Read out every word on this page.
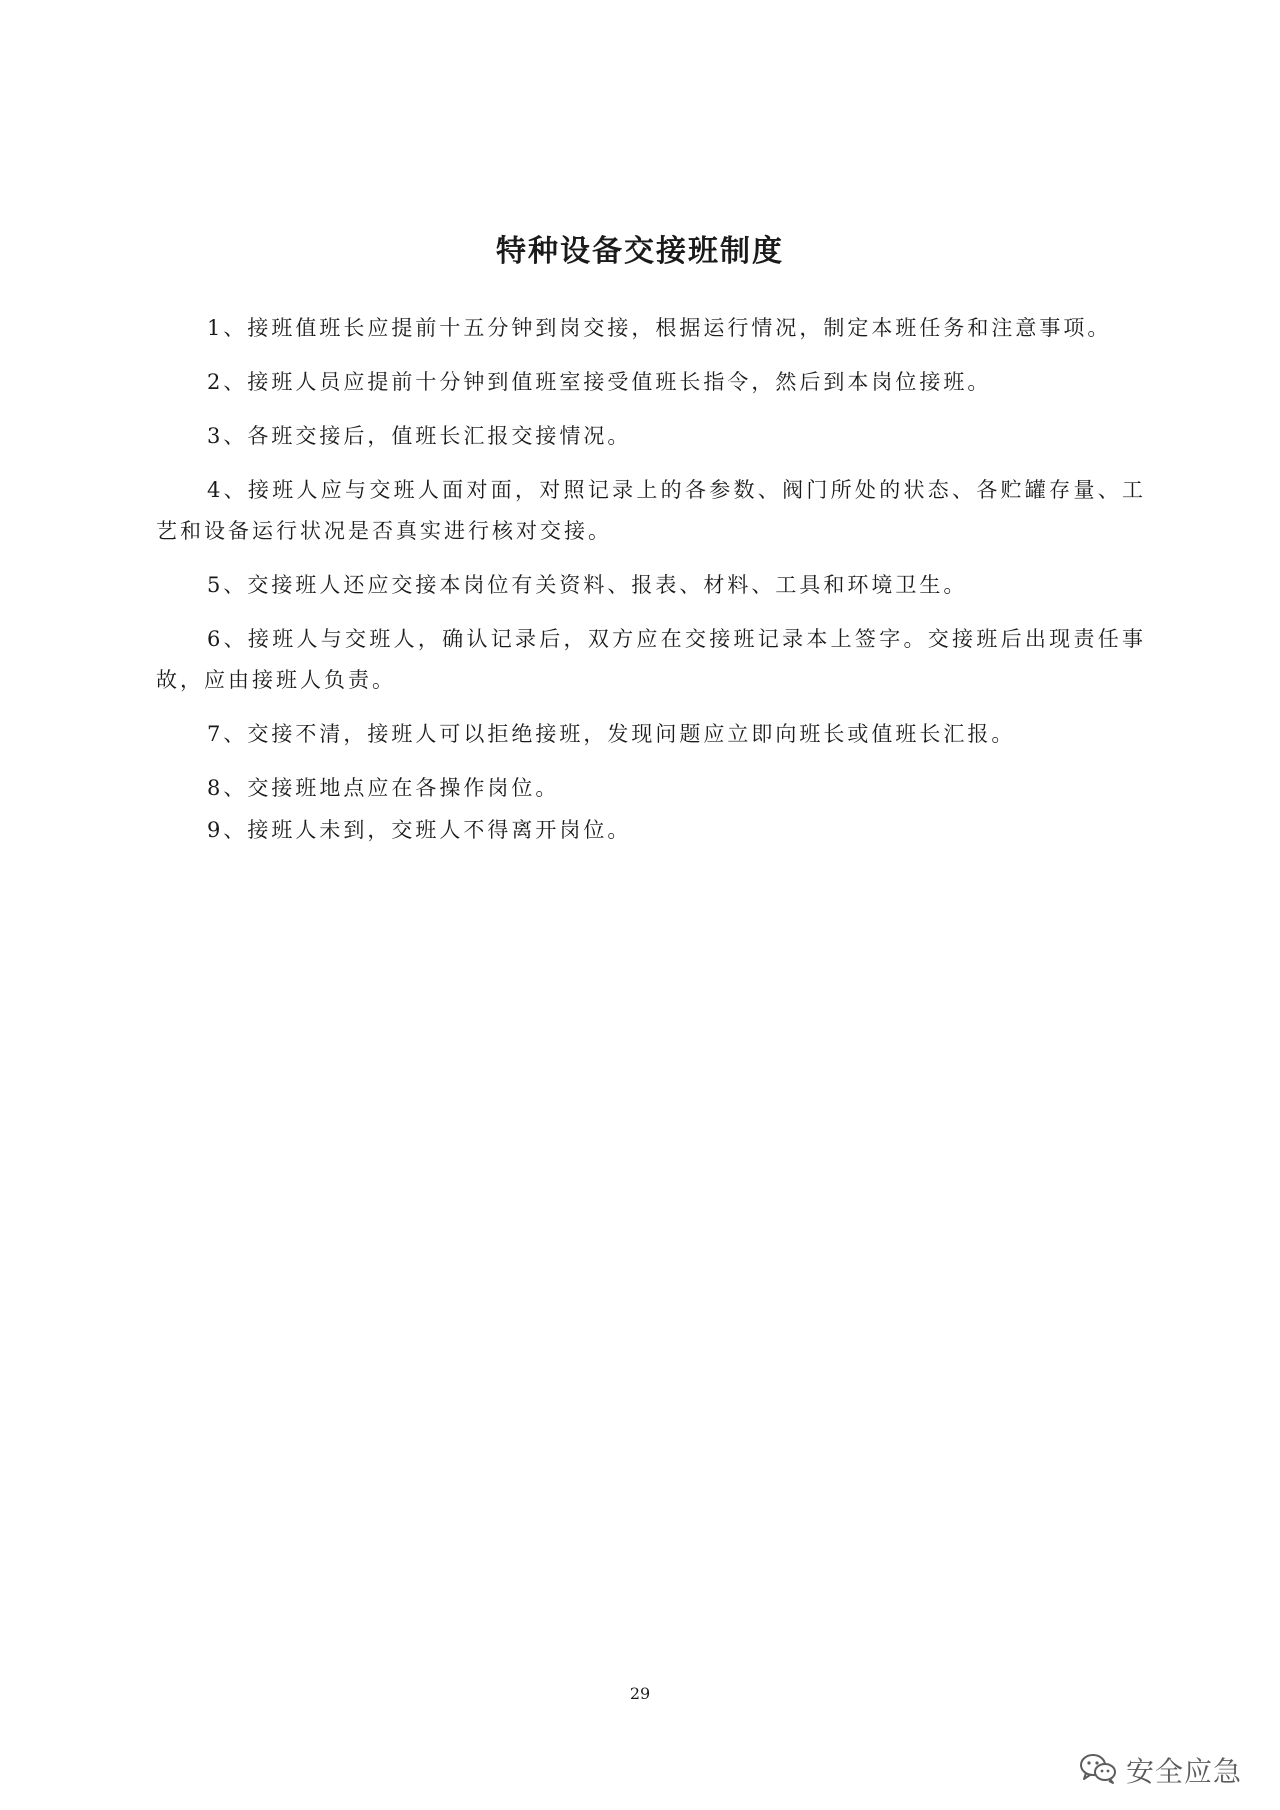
特种设备交接班制度

1、接班值班长应提前十五分钟到岗交接，根据运行情况，制定本班任务和注意事项。

2、接班人员应提前十分钟到值班室接受值班长指令，然后到本岗位接班。

3、各班交接后，值班长汇报交接情况。

4、接班人应与交班人面对面，对照记录上的各参数、阀门所处的状态、各贮罐存量、工艺和设备运行状况是否真实进行核对交接。

5、交接班人还应交接本岗位有关资料、报表、材料、工具和环境卫生。

6、接班人与交班人，确认记录后，双方应在交接班记录本上签字。交接班后出现责任事故，应由接班人负责。

7、交接不清，接班人可以拒绝接班，发现问题应立即向班长或值班长汇报。

8、交接班地点应在各操作岗位。

9、接班人未到，交班人不得离开岗位。

29
安全应急
